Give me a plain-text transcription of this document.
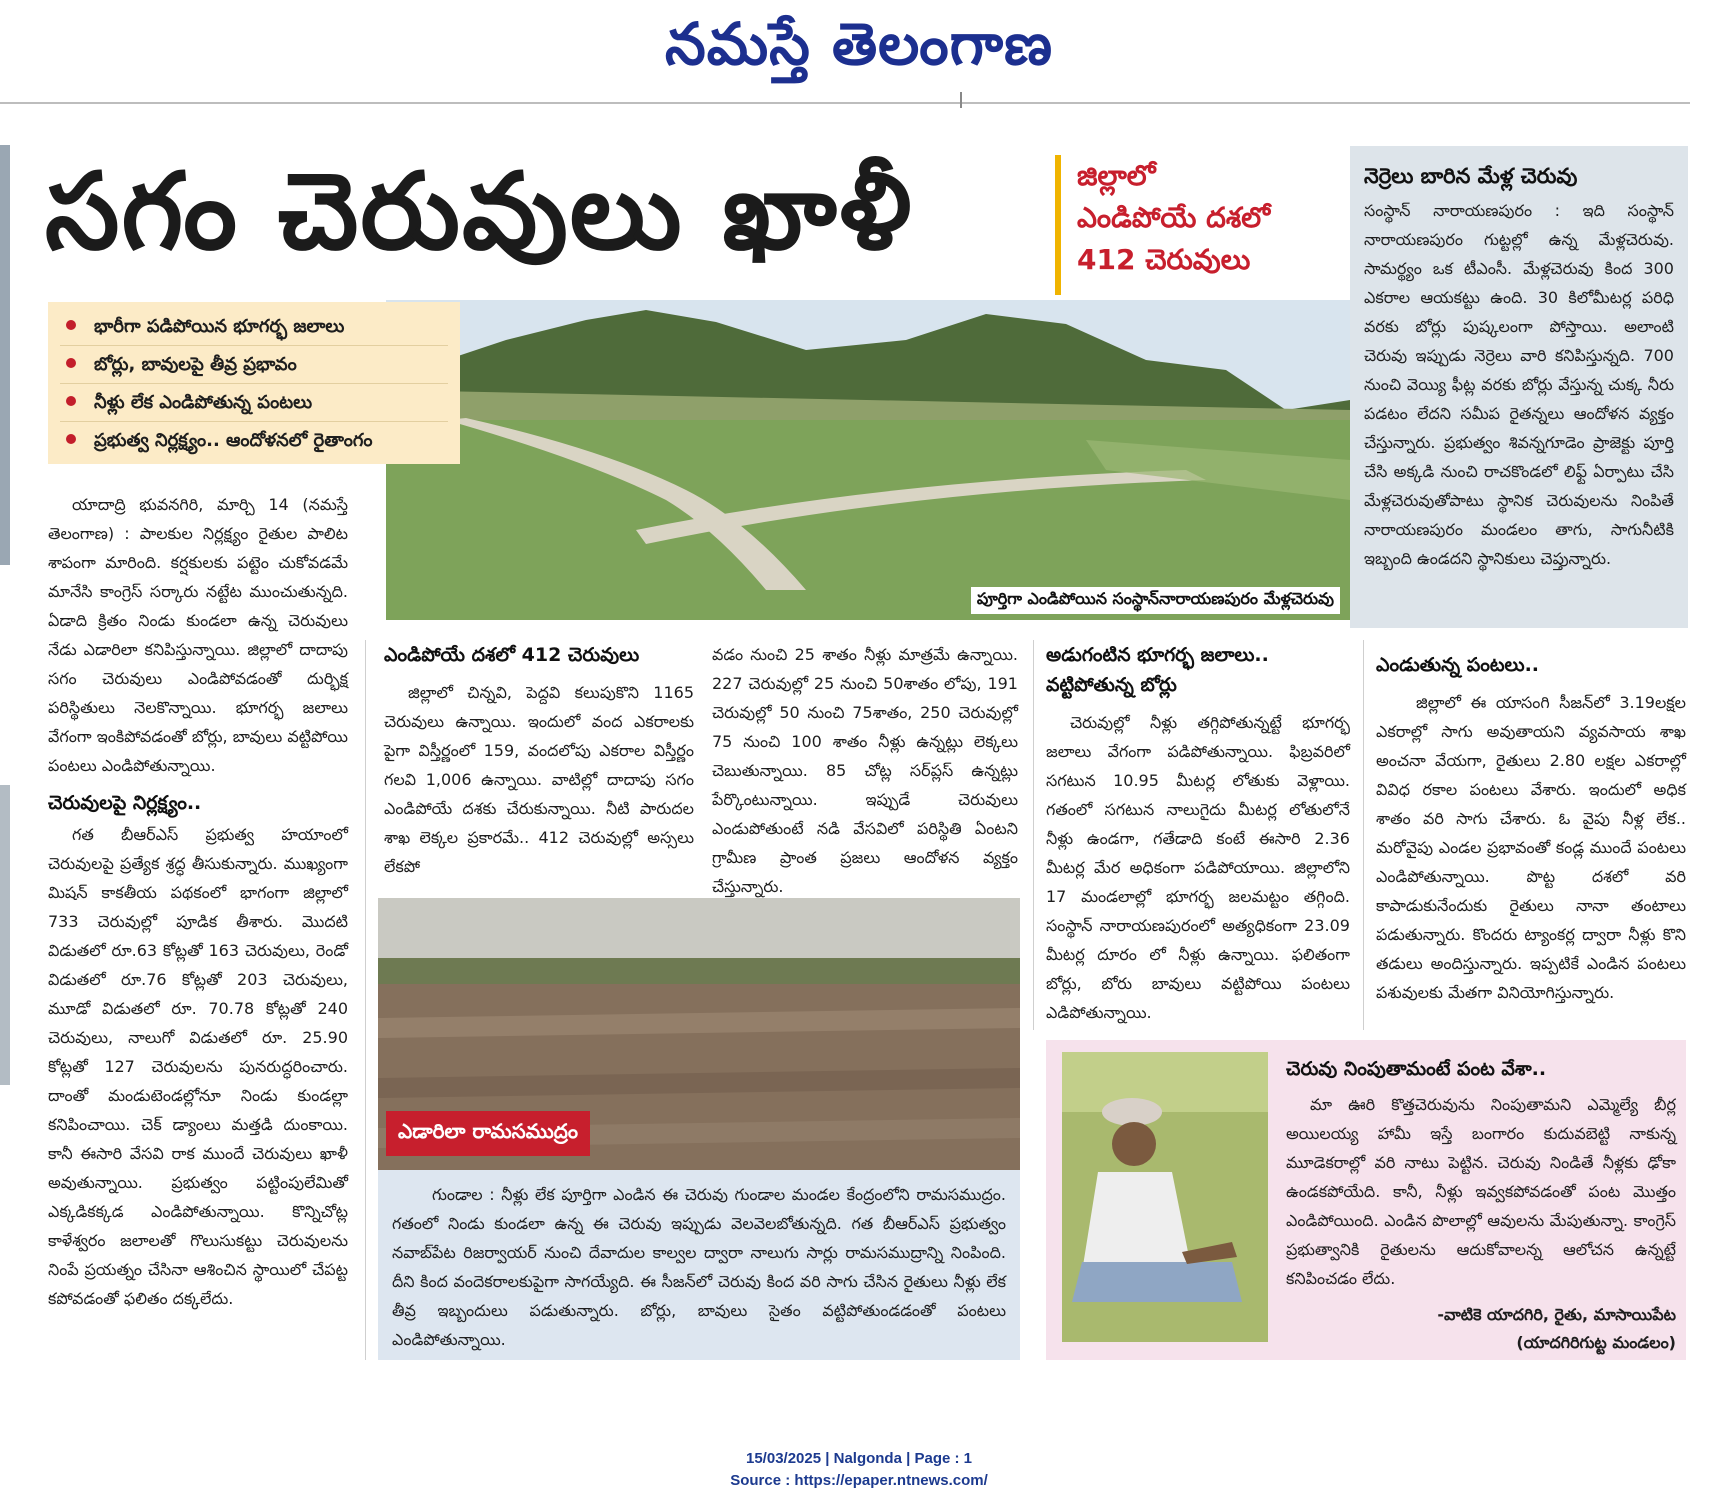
నమస్తే తెలంగాణ
సగం చెరువులు ఖాళీ	జిల్లాలో
ఎండిపోయే దశలో
412 చెరువులు
పూర్తిగా ఎండిపోయిన సంస్థాన్‌నారాయణపురం మేళ్లచెరువు
భారీగా పడిపోయిన భూగర్భ జలాలు
బోర్లు, బావులపై తీవ్ర ప్రభావం
నీళ్లు లేక ఎండిపోతున్న పంటలు
ప్రభుత్వ నిర్లక్ష్యం.. ఆందోళనలో రైతాంగం
నెర్రెలు బారిన మేళ్ల చెరువు

సంస్థాన్ నారాయణపురం : ఇది సంస్థాన్ నారాయణపురం గుట్టల్లో ఉన్న మేళ్లచెరువు. సామర్థ్యం ఒక టీఎంసీ. మేళ్లచెరువు కింద 300 ఎకరాల ఆయకట్టు ఉంది. 30 కిలోమీటర్ల పరిధి వరకు బోర్లు పుష్కలంగా పోస్తాయి. అలాంటి చెరువు ఇప్పుడు నెర్రెలు వారి కనిపిస్తున్నది. 700 నుంచి వెయ్యి ఫీట్ల వరకు బోర్లు వేస్తున్న చుక్క నీరు పడటం లేదని సమీప రైతన్నలు ఆందోళన వ్యక్తం చేస్తున్నారు. ప్రభుత్వం శివన్నగూడెం ప్రాజెక్టు పూర్తి చేసి అక్కడి నుంచి రాచకొండలో లిఫ్ట్ ఏర్పాటు చేసి మేళ్లచెరువుతోపాటు స్థానిక చెరువులను నింపితే నారాయణపురం మండలం తాగు, సాగునీటికి ఇబ్బంది ఉండదని స్థానికులు చెప్తున్నారు.

యాదాద్రి భువనగిరి, మార్చి 14 (నమస్తే తెలంగాణ) : పాలకుల నిర్లక్ష్యం రైతుల పాలిట శాపంగా మారింది. కర్షకులకు పట్టెం చుకోవడమే మానేసి కాంగ్రెస్ సర్కారు నట్టేట ముంచుతున్నది. ఏడాది క్రితం నిండు కుండలా ఉన్న చెరువులు నేడు ఎడారిలా కనిపిస్తున్నాయి. జిల్లాలో దాదాపు సగం చెరువులు ఎండిపోవడంతో దుర్భిక్ష పరిస్థితులు నెలకొన్నాయి. భూగర్భ జలాలు వేగంగా ఇంకిపోవడంతో బోర్లు, బావులు వట్టిపోయి పంటలు ఎండిపోతున్నాయి.

చెరువులపై నిర్లక్ష్యం..

గత బీఆర్ఎస్ ప్రభుత్వ హయాంలో చెరువులపై ప్రత్యేక శ్రద్ధ తీసుకున్నారు. ముఖ్యంగా మిషన్ కాకతీయ పథకంలో భాగంగా జిల్లాలో 733 చెరువుల్లో పూడిక తీశారు. మొదటి విడుతలో రూ.63 కోట్లతో 163 చెరువులు, రెండో విడుతలో రూ.76 కోట్లతో 203 చెరువులు, మూడో విడుతలో రూ. 70.78 కోట్లతో 240 చెరువులు, నాలుగో విడుతలో రూ. 25.90 కోట్లతో 127 చెరువులను పునరుద్ధరించారు. దాంతో మండుటెండల్లోనూ నిండు కుండల్లా కనిపించాయి. చెక్ డ్యాంలు మత్తడి దుంకాయి. కానీ ఈసారి వేసవి రాక ముందే చెరువులు ఖాళీ అవుతున్నాయి. ప్రభుత్వం పట్టింపులేమితో ఎక్కడికక్కడ ఎండిపోతున్నాయి. కొన్నిచోట్ల కాళేశ్వరం జలాలతో గొలుసుకట్టు చెరువులను నింపే ప్రయత్నం చేసినా ఆశించిన స్థాయిలో చేపట్ట కపోవడంతో ఫలితం దక్కలేదు.

ఎండిపోయే దశలో 412 చెరువులు

జిల్లాలో చిన్నవి, పెద్దవి కలుపుకొని 1165 చెరువులు ఉన్నాయి. ఇందులో వంద ఎకరాలకు పైగా విస్తీర్ణంలో 159, వందలోపు ఎకరాల విస్తీర్ణం గలవి 1,006 ఉన్నాయి. వాటిల్లో దాదాపు సగం ఎండిపోయే దశకు చేరుకున్నాయి. నీటి పారుదల శాఖ లెక్కల ప్రకారమే.. 412 చెరువుల్లో అస్సలు లేకపో

వడం నుంచి 25 శాతం నీళ్లు మాత్రమే ఉన్నాయి. 227 చెరువుల్లో 25 నుంచి 50శాతం లోపు, 191 చెరువుల్లో 50 నుంచి 75శాతం, 250 చెరువుల్లో 75 నుంచి 100 శాతం నీళ్లు ఉన్నట్లు లెక్కలు చెబుతున్నాయి. 85 చోట్ల సర్‌ప్లస్ ఉన్నట్లు పేర్కొంటున్నాయి. ఇప్పుడే చెరువులు ఎండుపోతుంటే నడి వేసవిలో పరిస్థితి ఏంటని గ్రామీణ ప్రాంత ప్రజలు ఆందోళన వ్యక్తం చేస్తున్నారు.

ఎడారిలా రామసముద్రం

గుండాల : నీళ్లు లేక పూర్తిగా ఎండిన ఈ చెరువు గుండాల మండల కేంద్రంలోని రామసముద్రం. గతంలో నిండు కుండలా ఉన్న ఈ చెరువు ఇప్పుడు వెలవెలబోతున్నది. గత బీఆర్ఎస్ ప్రభుత్వం నవాబ్‌పేట రిజర్వాయర్ నుంచి దేవాదుల కాల్వల ద్వారా నాలుగు సార్లు రామసముద్రాన్ని నింపింది. దీని కింద వందెకరాలకుపైగా సాగయ్యేది. ఈ సీజన్‌లో చెరువు కింద వరి సాగు చేసిన రైతులు నీళ్లు లేక తీవ్ర ఇబ్బందులు పడుతున్నారు. బోర్లు, బావులు సైతం వట్టిపోతుండడంతో పంటలు ఎండిపోతున్నాయి.

అడుగంటిన భూగర్భ జలాలు..
వట్టిపోతున్న బోర్లు

చెరువుల్లో నీళ్లు తగ్గిపోతున్నట్టే భూగర్భ జలాలు వేగంగా పడిపోతున్నాయి. ఫిబ్రవరిలో సగటున 10.95 మీటర్ల లోతుకు వెళ్లాయి. గతంలో సగటున నాలుగైదు మీటర్ల లోతులోనే నీళ్లు ఉండగా, గతేడాది కంటే ఈసారి 2.36 మీటర్ల మేర అధికంగా పడిపోయాయి. జిల్లాలోని 17 మండలాల్లో భూగర్భ జలమట్టం తగ్గింది. సంస్థాన్ నారాయణపురంలో అత్యధికంగా 23.09 మీటర్ల దూరం లో నీళ్లు ఉన్నాయి. ఫలితంగా బోర్లు, బోరు బావులు వట్టిపోయి పంటలు ఎడిపోతున్నాయి.

ఎండుతున్న పంటలు..

జిల్లాలో ఈ యాసంగి సీజన్‌లో 3.19లక్షల ఎకరాల్లో సాగు అవుతాయని వ్యవసాయ శాఖ అంచనా వేయగా, రైతులు 2.80 లక్షల ఎకరాల్లో వివిధ రకాల పంటలు వేశారు. ఇందులో అధిక శాతం వరి సాగు చేశారు. ఓ వైపు నీళ్ల లేక.. మరోవైపు ఎండల ప్రభావంతో కండ్ల ముందే పంటలు ఎండిపోతున్నాయి. పొట్ట దశలో వరి కాపాడుకునేందుకు రైతులు నానా తంటాలు పడుతున్నారు. కొందరు ట్యాంకర్ల ద్వారా నీళ్లు కొని తడులు అందిస్తున్నారు. ఇప్పటికే ఎండిన పంటలు పశువులకు మేతగా వినియోగిస్తున్నారు.

చెరువు నింపుతామంటే పంట వేశా..

మా ఊరి కొత్తచెరువును నింపుతామని ఎమ్మెల్యే బీర్ల అయిలయ్య హామీ ఇస్తే బంగారం కుదువబెట్టి నాకున్న మూడెకరాల్లో వరి నాటు పెట్టిన. చెరువు నిండితే నీళ్లకు ఢోకా ఉండకపోయేది. కానీ, నీళ్లు ఇవ్వకపోవడంతో పంట మొత్తం ఎండిపోయింది. ఎండిన పొలాల్లో ఆవులను మేపుతున్నా. కాంగ్రెస్ ప్రభుత్వానికి రైతులను ఆదుకోవాలన్న ఆలోచన ఉన్నట్టే కనిపించడం లేదు.

-వాటికె యాదగిరి, రైతు, మాసాయిపేట
(యాదగిరిగుట్ట మండలం)
15/03/2025 | Nalgonda | Page : 1
Source : https://epaper.ntnews.com/
